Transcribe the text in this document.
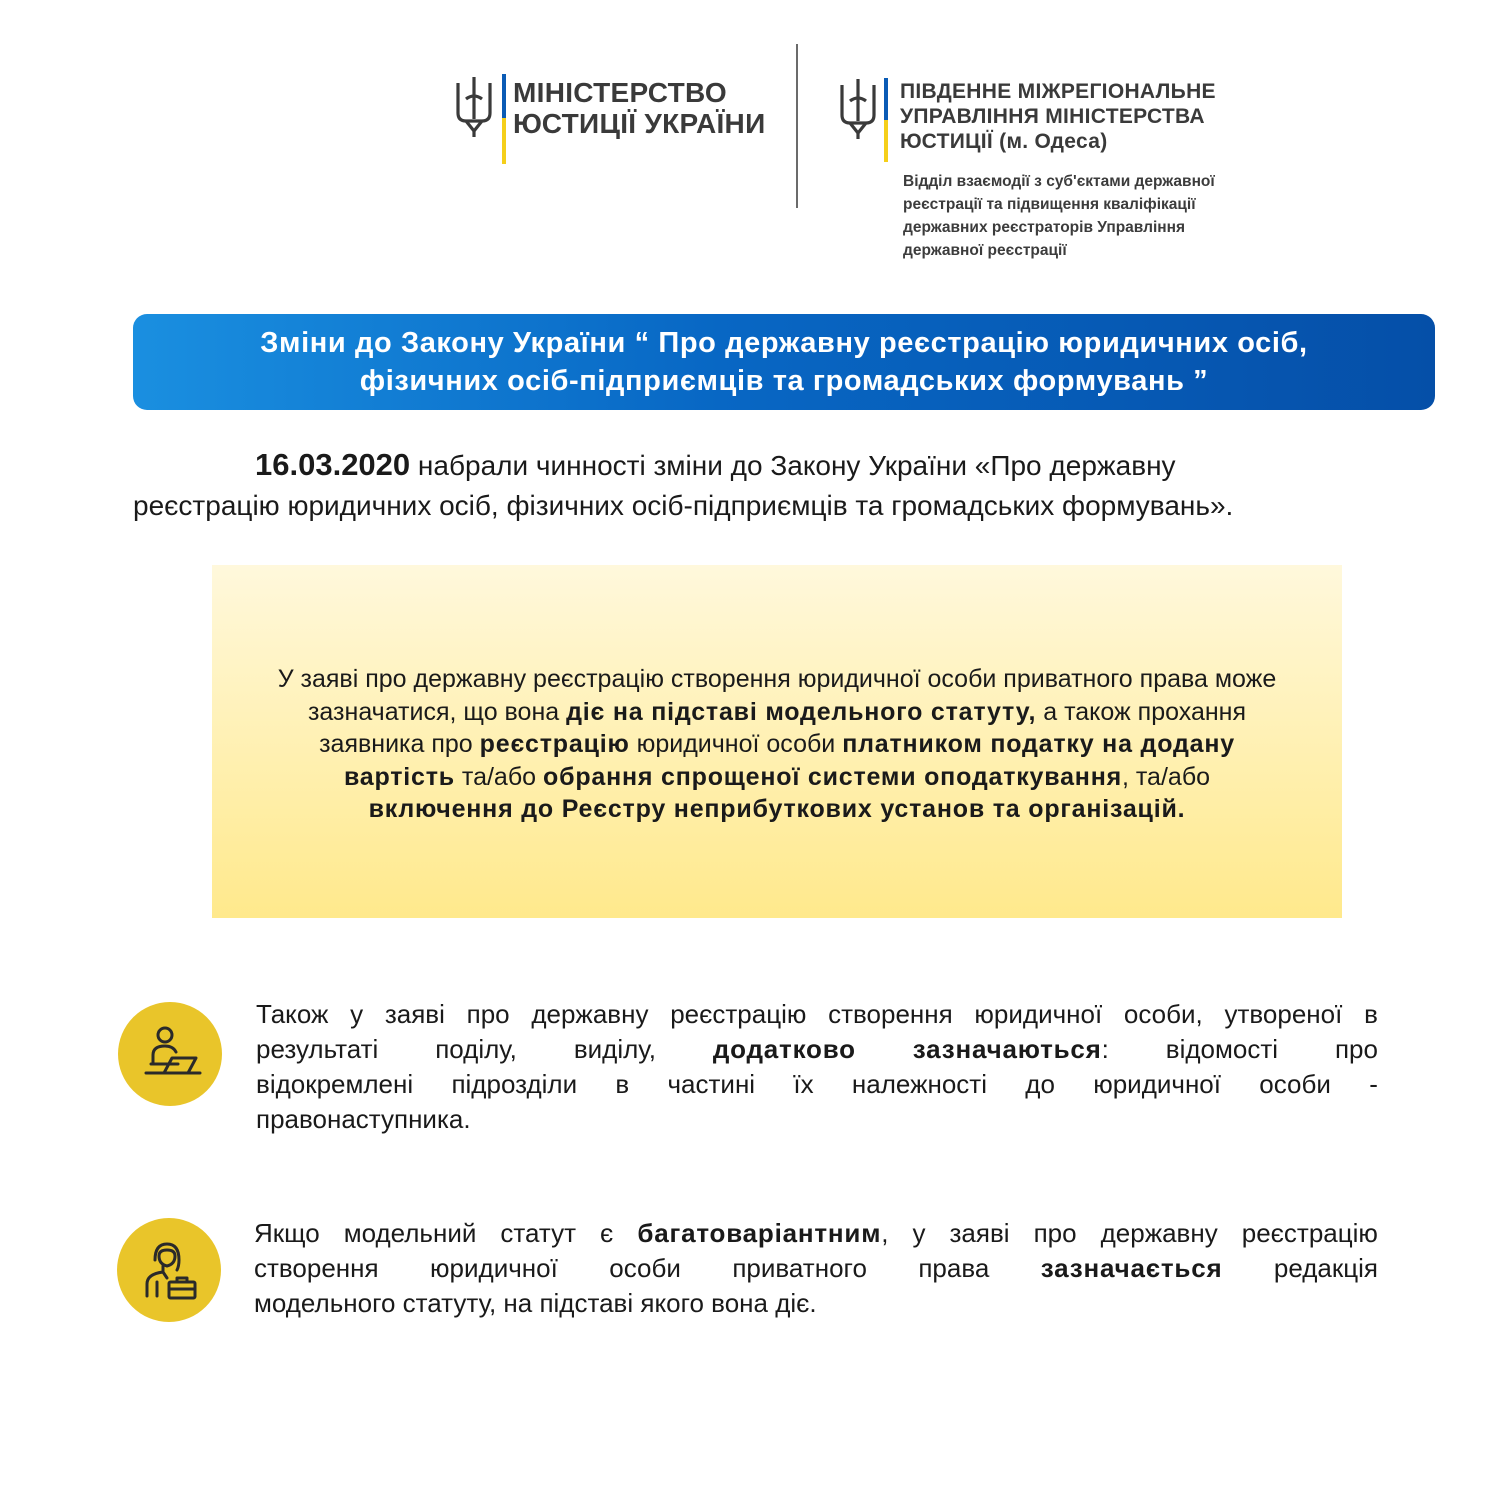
МІНІСТЕРСТВО
ЮСТИЦІЇ УКРАЇНИ
ПІВДЕННЕ МІЖРЕГІОНАЛЬНЕ
УПРАВЛІННЯ МІНІСТЕРСТВА
ЮСТИЦІЇ (м. Одеса)
Відділ взаємодії з суб'єктами державної
реєстрації та підвищення кваліфікації
державних реєстраторів Управління
державної реєстрації
Зміни до Закону України “ Про державну реєстрацію юридичних осіб,
фізичних осіб-підприємців та громадських формувань ”
16.03.2020 набрали чинності зміни до Закону України «Про державну
реєстрацію юридичних осіб, фізичних осіб-підприємців та громадських формувань».
У заяві про державну реєстрацію створення юридичної особи приватного права може
зазначатися, що вона діє на підставі модельного статуту, а також прохання
заявника про реєстрацію юридичної особи платником податку на додану
вартість та/або обрання спрощеної системи оподаткування, та/або
включення до Реєстру неприбуткових установ та організацій.
Також у заяві про державну реєстрацію створення юридичної особи, утвореної в
результаті поділу, виділу, додатково зазначаються: відомості про
відокремлені підрозділи в частині їх належності до юридичної особи -
правонаступника.
Якщо модельний статут є багатоваріантним, у заяві про державну реєстрацію
створення юридичної особи приватного права зазначається редакція
модельного статуту, на підставі якого вона діє.
